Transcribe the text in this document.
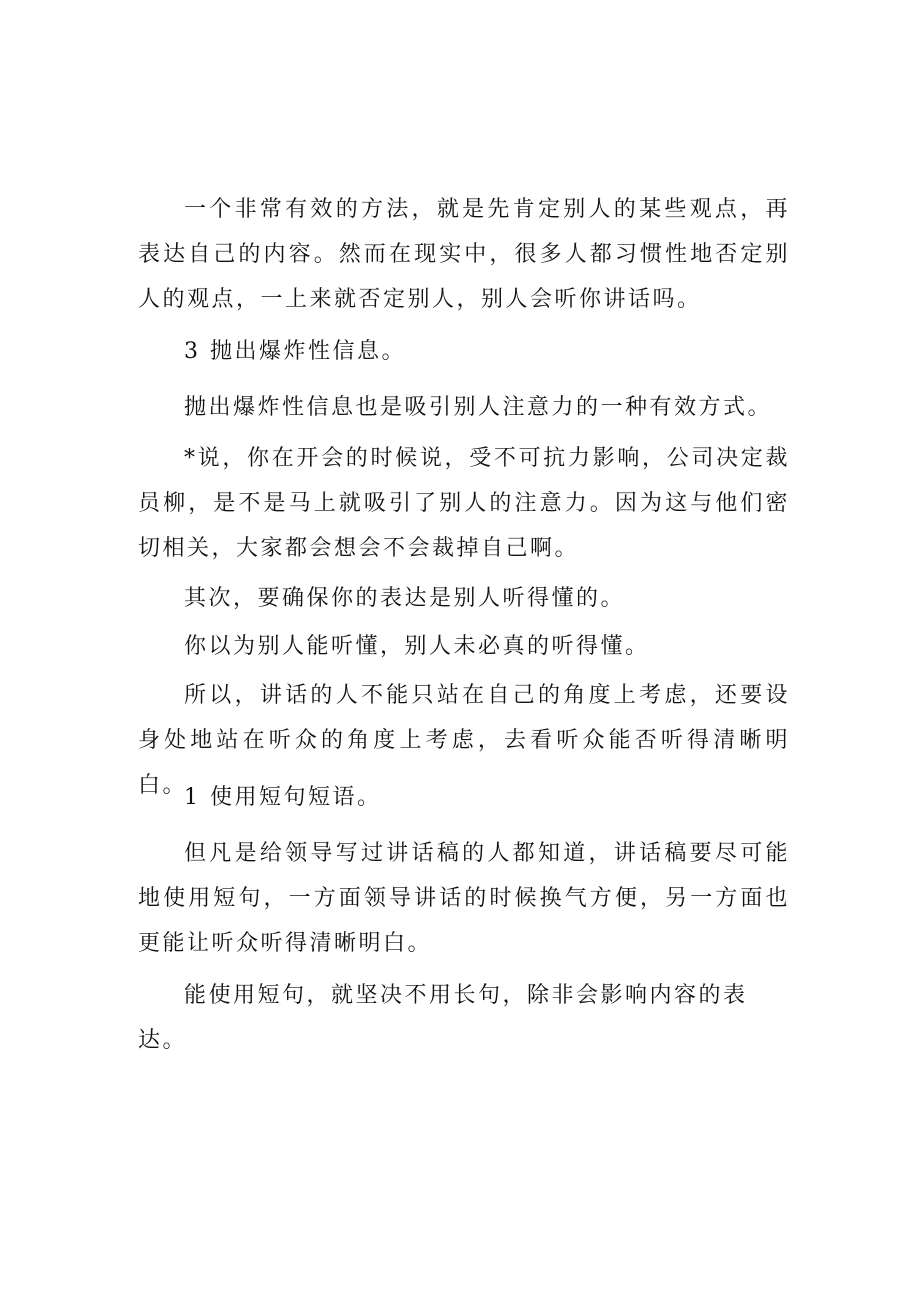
一个非常有效的方法，就是先肯定别人的某些观点，再表达自己的内容。然而在现实中，很多人都习惯性地否定别人的观点，一上来就否定别人，别人会听你讲话吗。

3 抛出爆炸性信息。

抛出爆炸性信息也是吸引别人注意力的一种有效方式。

*说，你在开会的时候说，受不可抗力影响，公司决定裁员柳，是不是马上就吸引了别人的注意力。因为这与他们密切相关，大家都会想会不会裁掉自己啊。

其次，要确保你的表达是别人听得懂的。

你以为别人能听懂，别人未必真的听得懂。

所以，讲话的人不能只站在自己的角度上考虑，还要设身处地站在听众的角度上考虑，去看听众能否听得清晰明白。

1 使用短句短语。

但凡是给领导写过讲话稿的人都知道，讲话稿要尽可能地使用短句，一方面领导讲话的时候换气方便，另一方面也更能让听众听得清晰明白。

能使用短句，就坚决不用长句，除非会影响内容的表达。
